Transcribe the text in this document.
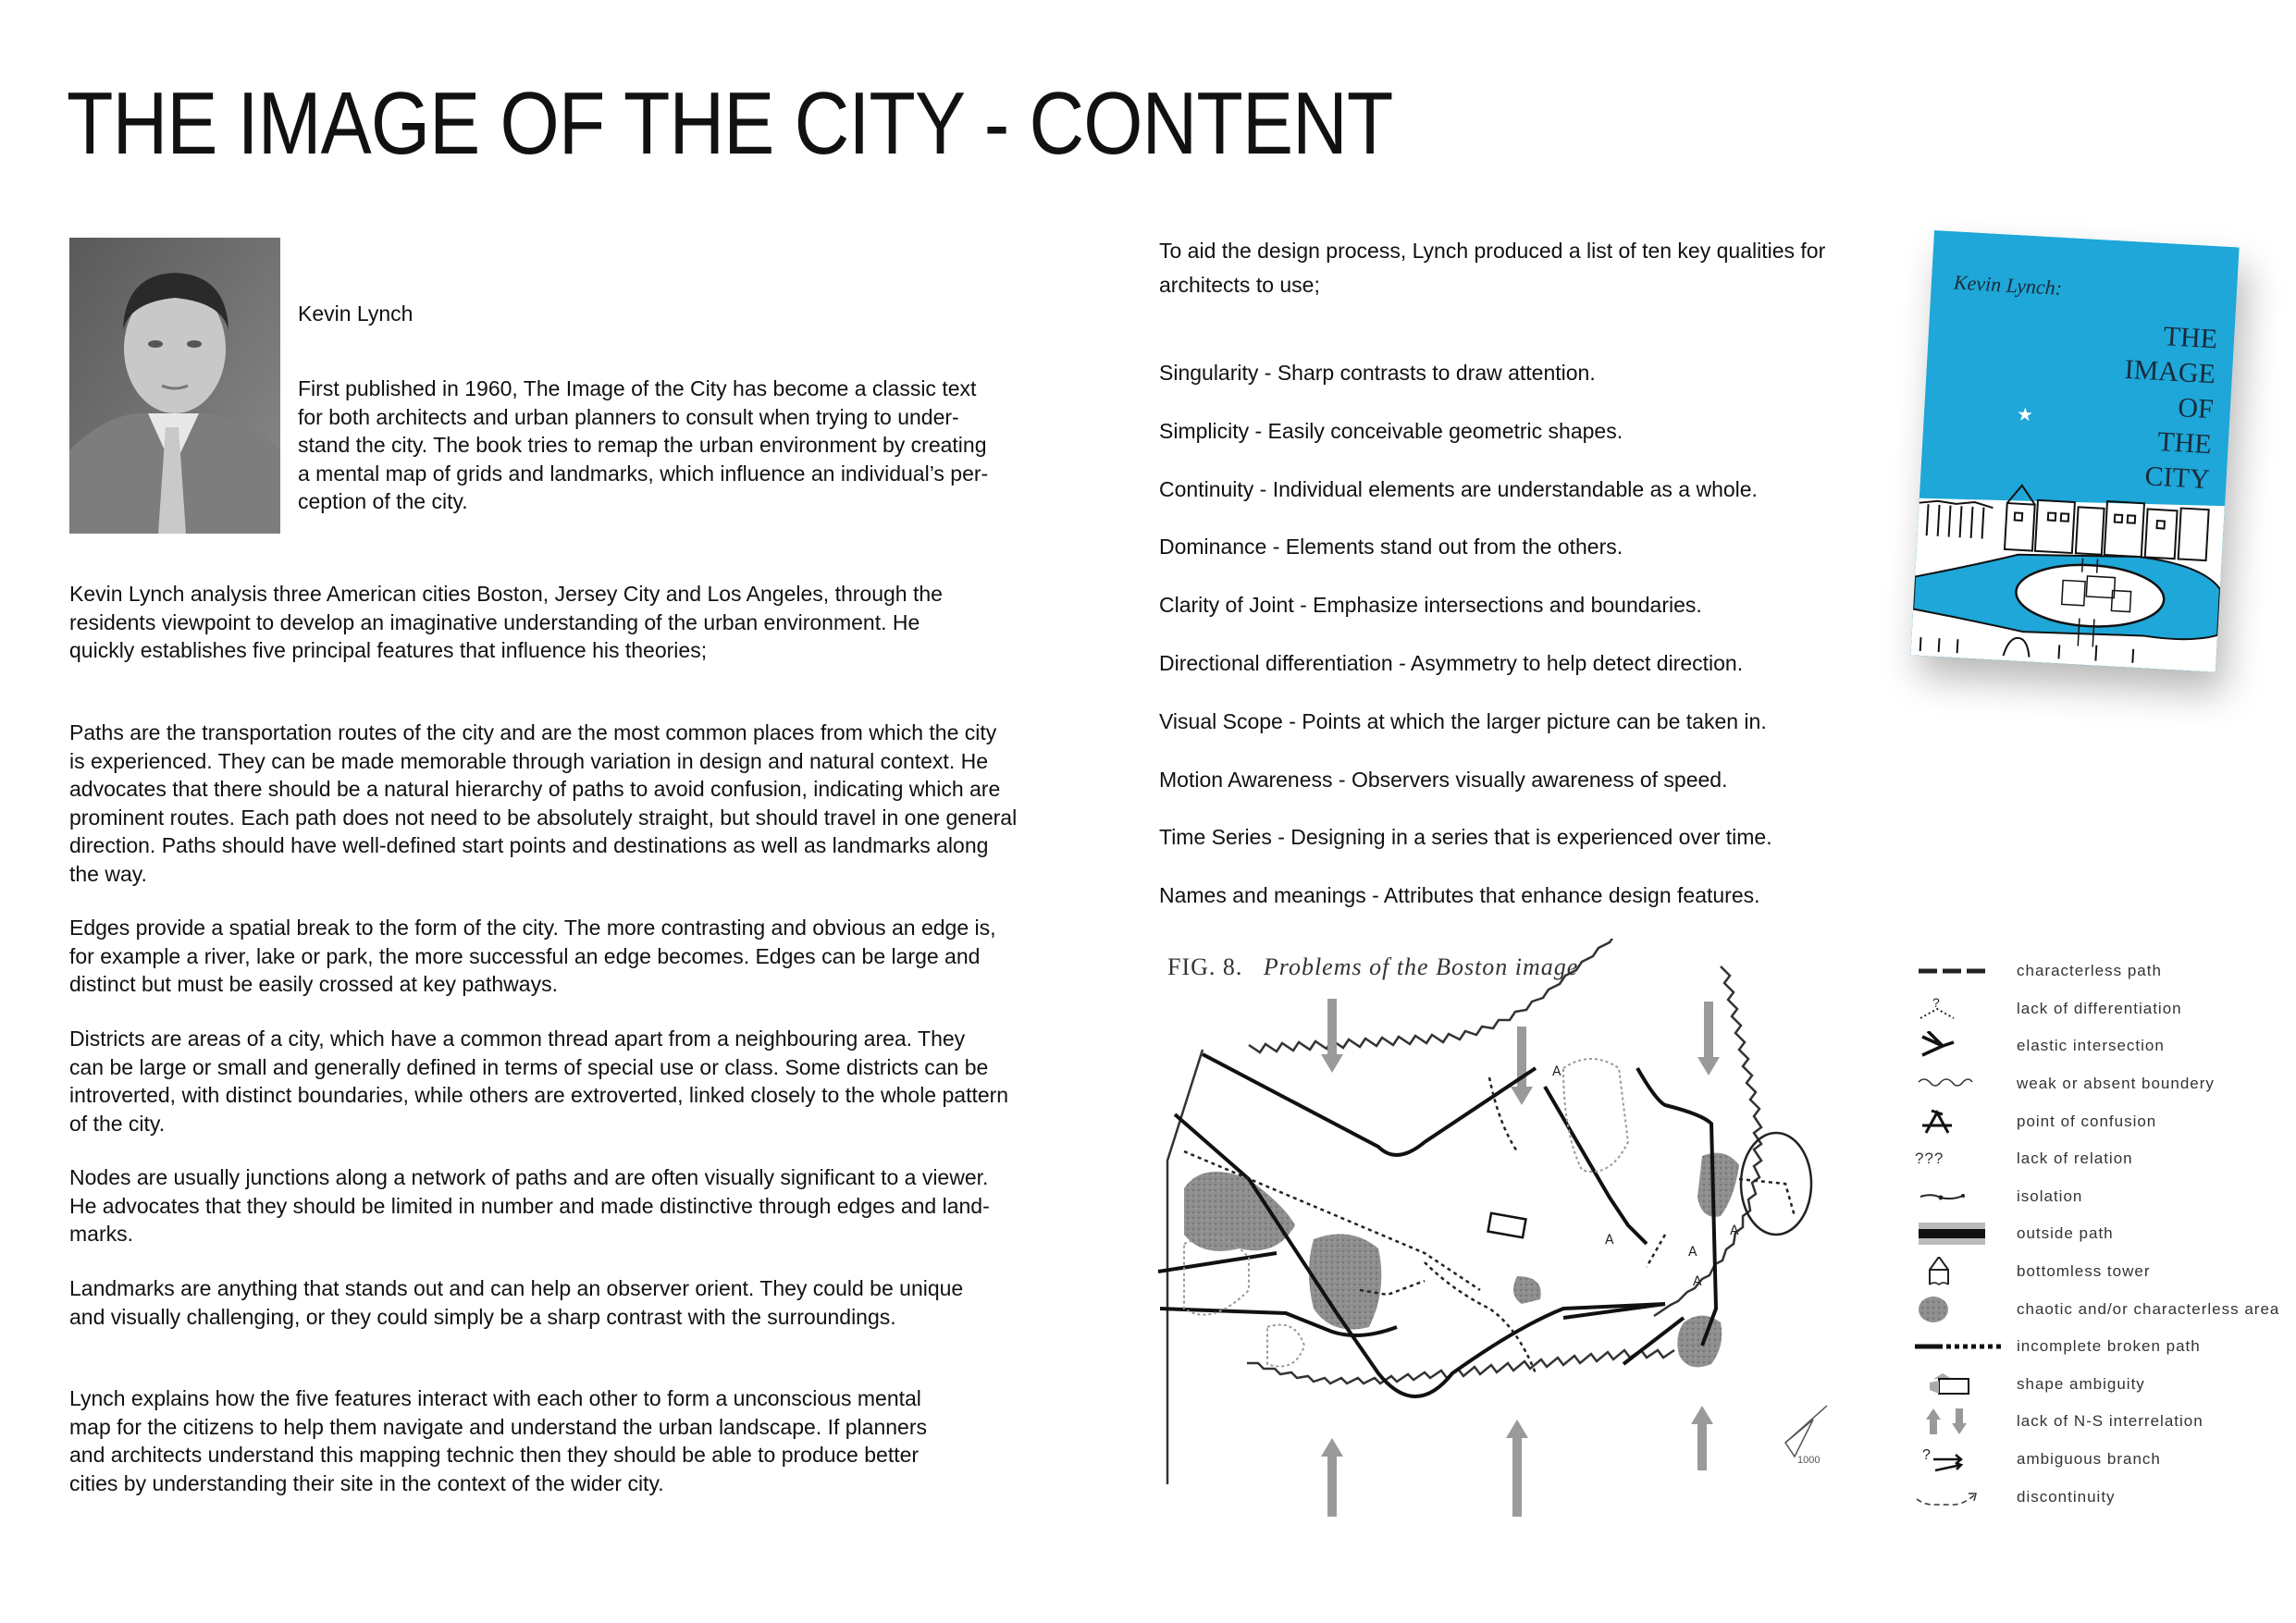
THE IMAGE OF THE CITY - CONTENT
Kevin Lynch
First published in 1960, The Image of the City has become a classic text
for both architects and urban planners to consult when trying to under-
stand the city. The book tries to remap the urban environment by creating
a mental map of grids and landmarks, which influence an individual’s per-
ception of the city.
Kevin Lynch analysis three American cities Boston, Jersey City and Los Angeles, through the
residents viewpoint to develop an imaginative understanding of the urban environment. He
quickly establishes five principal features that influence his theories;
Paths are the transportation routes of the city and are the most common places from which the city
is experienced. They can be made memorable through variation in design and natural context. He
advocates that there should be a natural hierarchy of paths to avoid confusion, indicating which are
prominent routes. Each path does not need to be absolutely straight, but should travel in one general
direction. Paths should have well-defined start points and destinations as well as landmarks along
the way.
Edges provide a spatial break to the form of the city. The more contrasting and obvious an edge is,
for example a river, lake or park, the more successful an edge becomes. Edges can be large and
distinct but must be easily crossed at key pathways.
Districts are areas of a city, which have a common thread apart from a neighbouring area. They
can be large or small and generally defined in terms of special use or class. Some districts can be
introverted, with distinct boundaries, while others are extroverted, linked closely to the whole pattern
of the city.
Nodes are usually junctions along a network of paths and are often visually significant to a viewer.
He advocates that they should be limited in number and made distinctive through edges and land-
marks.
Landmarks are anything that stands out and can help an observer orient. They could be unique
and visually challenging, or they could simply be a sharp contrast with the surroundings.
Lynch explains how the five features interact with each other to form a unconscious mental
map for the citizens to help them navigate and understand the urban landscape. If planners
and architects understand this mapping technic then they should be able to produce better
cities by understanding their site in the context of the wider city.
To aid the design process, Lynch produced a list of ten key qualities for
architects to use;
Singularity - Sharp contrasts to draw attention.
Simplicity - Easily conceivable geometric shapes.
Continuity - Individual elements are understandable as a whole.
Dominance - Elements stand out from the others.
Clarity of Joint - Emphasize intersections and boundaries.
Directional differentiation - Asymmetry to help detect direction.
Visual Scope - Points at which the larger picture can be taken in.
Motion Awareness - Observers visually awareness of speed.
Time Series - Designing in a series that is experienced over time.
Names and meanings - Attributes that enhance design features.
Kevin Lynch:
THE
IMAGE
OF
THE
CITY
★
FIG. 8. Problems of the Boston image
A
A
A
A
A
1000
characterless path
?	lack of differentiation
elastic intersection
weak or absent boundery
point of confusion
???	lack of relation
isolation
outside path
bottomless tower
chaotic and/or characterless area
incomplete broken path
shape ambiguity
lack of N-S interrelation
?	ambiguous branch
discontinuity
